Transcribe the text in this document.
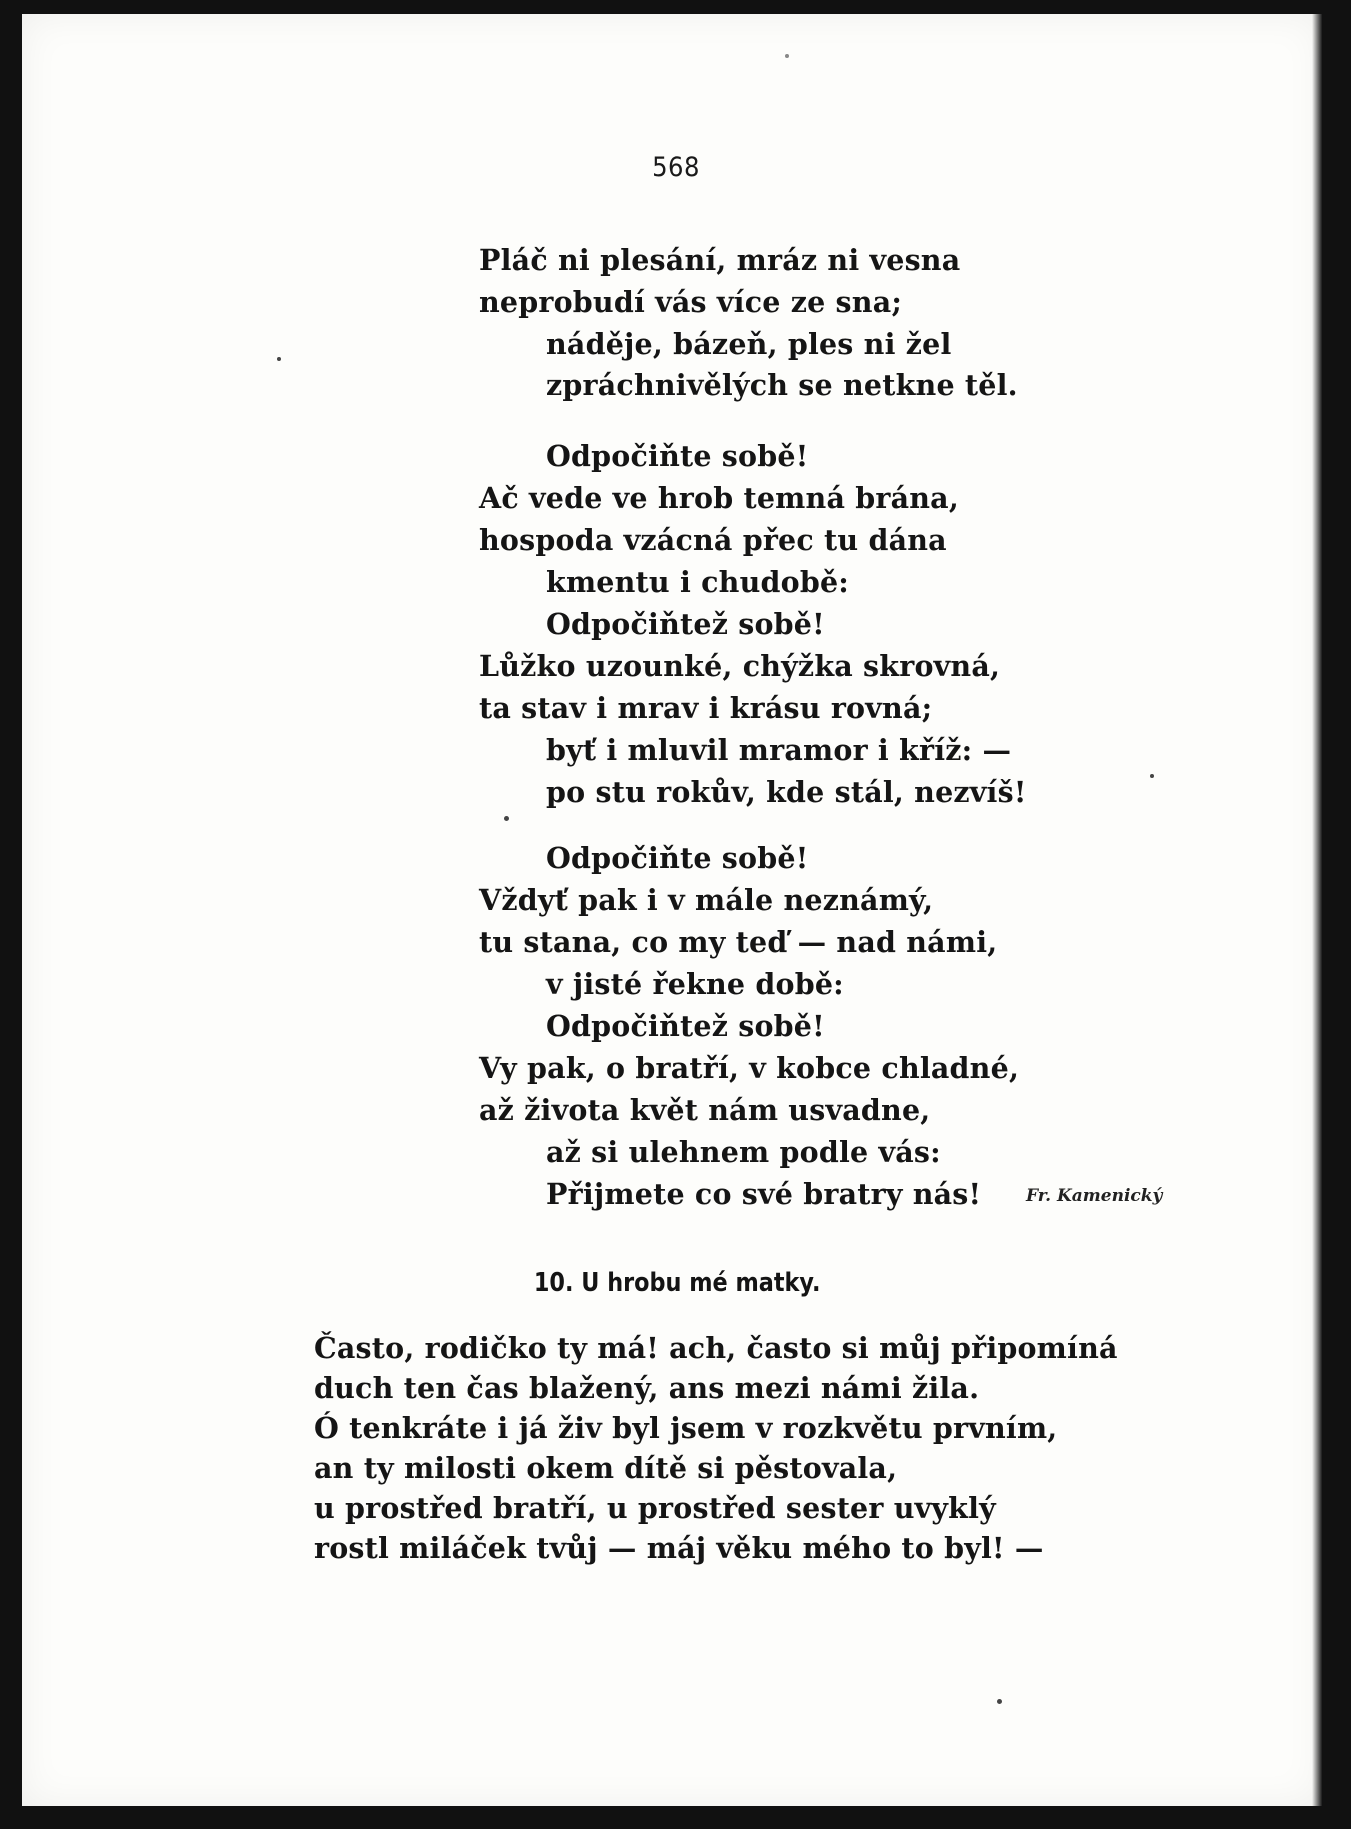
568
Pláč ni plesání, mráz ni vesna
neprobudí vás více ze sna;
náděje, bázeň, ples ni žel
zpráchnivělých se netkne těl.
Odpočiňte sobě!
Ač vede ve hrob temná brána,
hospoda vzácná přec tu dána
kmentu i chudobě:
Odpočiňtež sobě!
Lůžko uzounké, chýžka skrovná,
ta stav i mrav i krásu rovná;
byť i mluvil mramor i kříž: —
po stu rokův, kde stál, nezvíš!
Odpočiňte sobě!
Vždyť pak i v mále neznámý,
tu stana, co my teď — nad námi,
v jisté řekne době:
Odpočiňtež sobě!
Vy pak, o bratří, v kobce chladné,
až života květ nám usvadne,
až si ulehnem podle vás:
Přijmete co své bratry nás!	Fr. Kamenický
10. U hrobu mé matky.
Často, rodičko ty má! ach, často si můj připomíná
duch ten čas blažený, ans mezi námi žila.
Ó tenkráte i já živ byl jsem v rozkvětu prvním,
an ty milosti okem dítě si pěstovala,
u prostřed bratří, u prostřed sester uvyklý
rostl miláček tvůj — máj věku mého to byl! —
